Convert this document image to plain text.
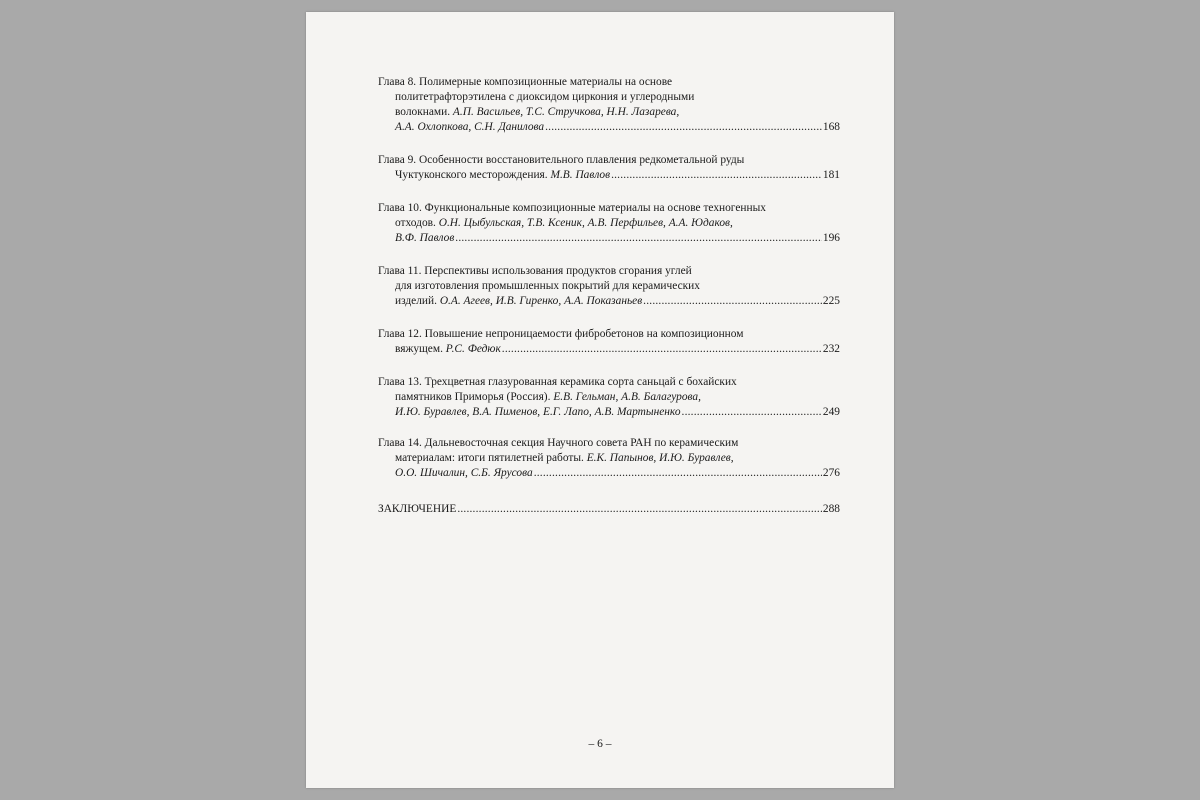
Глава 8. Полимерные композиционные материалы на основе
политетрафторэтилена с диоксидом циркония и углеродными
волокнами. А.П. Васильев, Т.С. Стручкова, Н.Н. Лазарева,
А.А. Охлопкова, С.Н. Данилова .....	168
Глава 9. Особенности восстановительного плавления редкометальной руды
Чуктуконского месторождения. М.В. Павлов .....	181
Глава 10. Функциональные композиционные материалы на основе техногенных
отходов. О.Н. Цыбульская, Т.В. Ксеник, А.В. Перфильев, А.А. Юдаков,
В.Ф. Павлов .....	196
Глава 11. Перспективы использования продуктов сгорания углей
для изготовления промышленных покрытий для керамических
изделий. О.А. Агеев, И.В. Гиренко, А.А. Показаньев .....	225
Глава 12. Повышение непроницаемости фибробетонов на композиционном
вяжущем. Р.С. Федюк .....	232
Глава 13. Трехцветная глазурованная керамика сорта саньцай с бохайских
памятников Приморья (Россия). Е.В. Гельман, А.В. Балагурова,
И.Ю. Буравлев, В.А. Пименов, Е.Г. Лапо, А.В. Мартыненко .....	249
Глава 14. Дальневосточная секция Научного совета РАН по керамическим
материалам: итоги пятилетней работы. Е.К. Папынов, И.Ю. Буравлев,
О.О. Шичалин, С.Б. Ярусова .....	276
ЗАКЛЮЧЕНИЕ .....	288
– 6 –
